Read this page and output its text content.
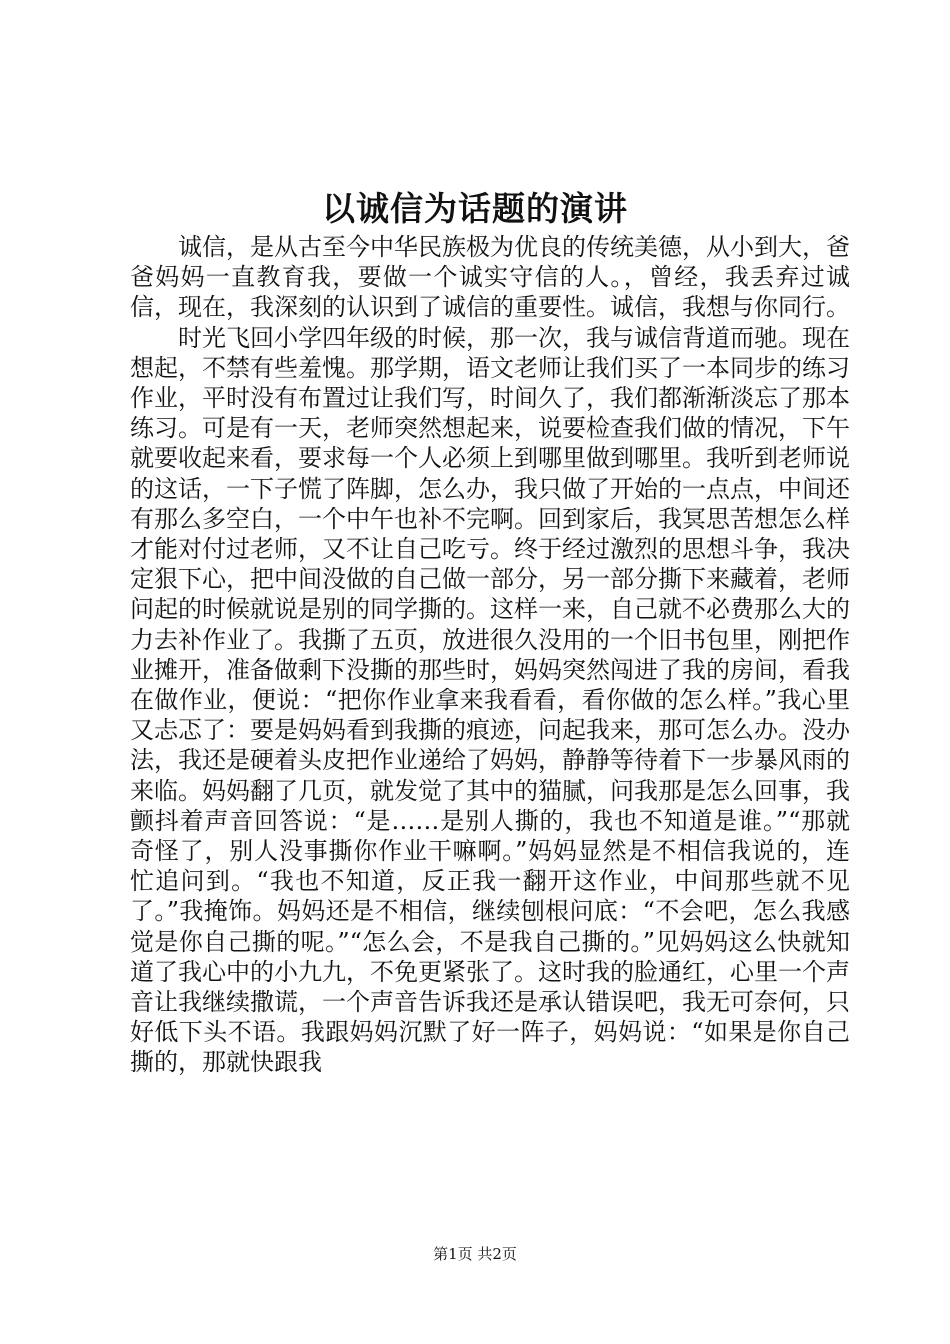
以诚信为话题的演讲

诚信，是从古至今中华民族极为优良的传统美德，从小到大，爸爸妈妈一直教育我，要做一个诚实守信的人。，曾经，我丢弃过诚信，现在，我深刻的认识到了诚信的重要性。诚信，我想与你同行。

时光飞回小学四年级的时候，那一次，我与诚信背道而驰。现在想起，不禁有些羞愧。那学期，语文老师让我们买了一本同步的练习作业，平时没有布置过让我们写，时间久了，我们都渐渐淡忘了那本练习。可是有一天，老师突然想起来，说要检查我们做的情况，下午就要收起来看，要求每一个人必须上到哪里做到哪里。我听到老师说的这话，一下子慌了阵脚，怎么办，我只做了开始的一点点，中间还有那么多空白，一个中午也补不完啊。回到家后，我冥思苦想怎么样才能对付过老师，又不让自己吃亏。终于经过激烈的思想斗争，我决定狠下心，把中间没做的自己做一部分，另一部分撕下来藏着，老师问起的时候就说是别的同学撕的。这样一来，自己就不必费那么大的力去补作业了。我撕了五页，放进很久没用的一个旧书包里，刚把作业摊开，准备做剩下没撕的那些时，妈妈突然闯进了我的房间，看我在做作业，便说：“把你作业拿来我看看，看你做的怎么样。”我心里又忐忑了：要是妈妈看到我撕的痕迹，问起我来，那可怎么办。没办法，我还是硬着头皮把作业递给了妈妈，静静等待着下一步暴风雨的来临。妈妈翻了几页，就发觉了其中的猫腻，问我那是怎么回事，我颤抖着声音回答说：“是……是别人撕的，我也不知道是谁。”“那就奇怪了，别人没事撕你作业干嘛啊。”妈妈显然是不相信我说的，连忙追问到。“我也不知道，反正我一翻开这作业，中间那些就不见了。”我掩饰。妈妈还是不相信，继续刨根问底：“不会吧，怎么我感觉是你自己撕的呢。”“怎么会，不是我自己撕的。”见妈妈这么快就知道了我心中的小九九，不免更紧张了。这时我的脸通红，心里一个声音让我继续撒谎，一个声音告诉我还是承认错误吧，我无可奈何，只好低下头不语。我跟妈妈沉默了好一阵子，妈妈说：“如果是你自己撕的，那就快跟我

第1页 共2页
